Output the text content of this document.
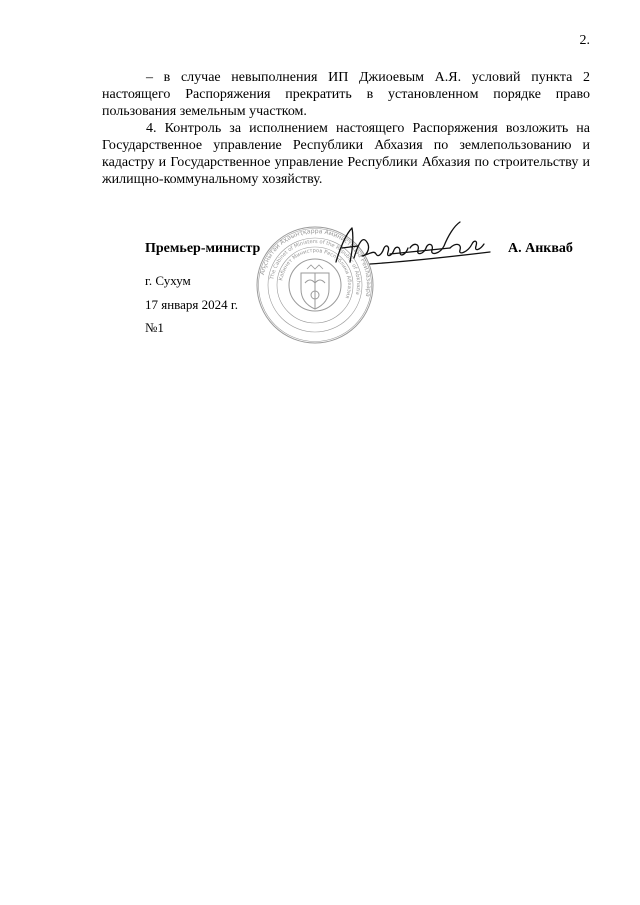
2.

– в случае невыполнения ИП Джиоевым А.Я. условий пункта 2 настоящего Распоряжения прекратить в установленном порядке право пользования земельным участком.

4. Контроль за исполнением настоящего Распоряжения возложить на Государственное управление Республики Абхазия по землепользованию и кадастру и Государственное управление Республики Абхазия по строительству и жилищно-коммунальному хозяйству.

Премьер-министр	А. Анкваб
г. Сухум
17 января 2024 г.
№1
Аҧснытәи Аҳәынҭқарра Аминистрцәа Реилазаара
The Cabinet of Ministers of the Republic of Abkhazia
Кабинет Министров Республики Абхазия
